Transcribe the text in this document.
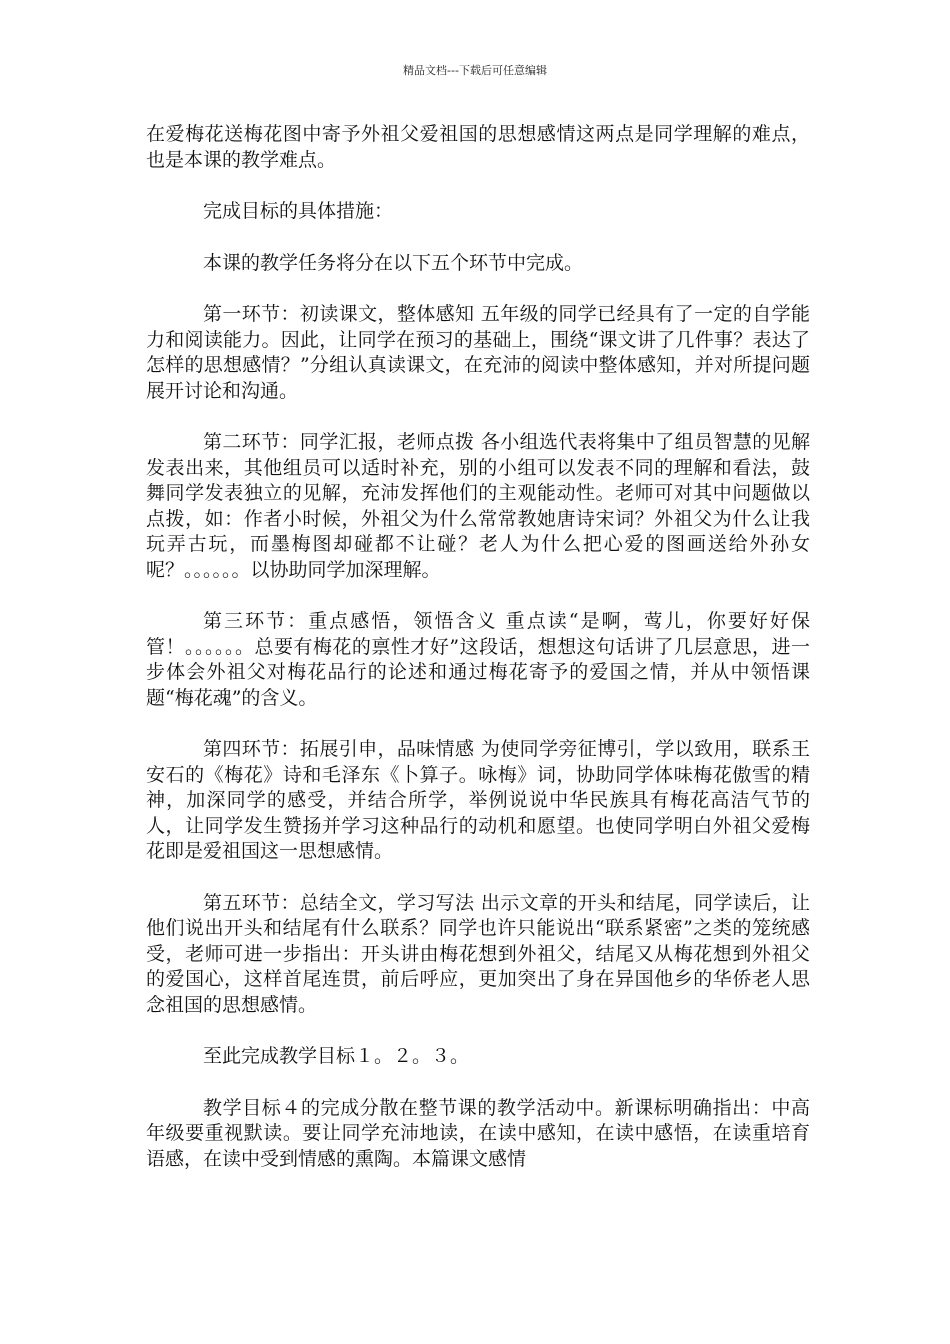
精品文档---下载后可任意编辑

在爱梅花送梅花图中寄予外祖父爱祖国的思想感情这两点是同学理解的难点，也是本课的教学难点。

完成目标的具体措施：

本课的教学任务将分在以下五个环节中完成。

第一环节：初读课文，整体感知 五年级的同学已经具有了一定的自学能力和阅读能力。因此，让同学在预习的基础上，围绕“课文讲了几件事？表达了怎样的思想感情？”分组认真读课文，在充沛的阅读中整体感知，并对所提问题展开讨论和沟通。

第二环节：同学汇报，老师点拨 各小组选代表将集中了组员智慧的见解发表出来，其他组员可以适时补充，别的小组可以发表不同的理解和看法，鼓舞同学发表独立的见解，充沛发挥他们的主观能动性。老师可对其中问题做以点拨，如：作者小时候，外祖父为什么常常教她唐诗宋词？外祖父为什么让我玩弄古玩，而墨梅图却碰都不让碰？老人为什么把心爱的图画送给外孙女呢？。。。。。。以协助同学加深理解。

第三环节：重点感悟，领悟含义 重点读“是啊，莺儿，你要好好保管！。。。。。。总要有梅花的禀性才好”这段话，想想这句话讲了几层意思，进一步体会外祖父对梅花品行的论述和通过梅花寄予的爱国之情，并从中领悟课题“梅花魂”的含义。

第四环节：拓展引申，品味情感 为使同学旁征博引，学以致用，联系王安石的《梅花》诗和毛泽东《卜算子。咏梅》词，协助同学体味梅花傲雪的精神，加深同学的感受，并结合所学，举例说说中华民族具有梅花高洁气节的人，让同学发生赞扬并学习这种品行的动机和愿望。也使同学明白外祖父爱梅花即是爱祖国这一思想感情。

第五环节：总结全文，学习写法 出示文章的开头和结尾，同学读后，让他们说出开头和结尾有什么联系？同学也许只能说出“联系紧密”之类的笼统感受，老师可进一步指出：开头讲由梅花想到外祖父，结尾又从梅花想到外祖父的爱国心，这样首尾连贯，前后呼应，更加突出了身在异国他乡的华侨老人思念祖国的思想感情。

至此完成教学目标１。２。３。

教学目标４的完成分散在整节课的教学活动中。新课标明确指出：中高年级要重视默读。要让同学充沛地读，在读中感知，在读中感悟，在读重培育语感，在读中受到情感的熏陶。本篇课文感情
